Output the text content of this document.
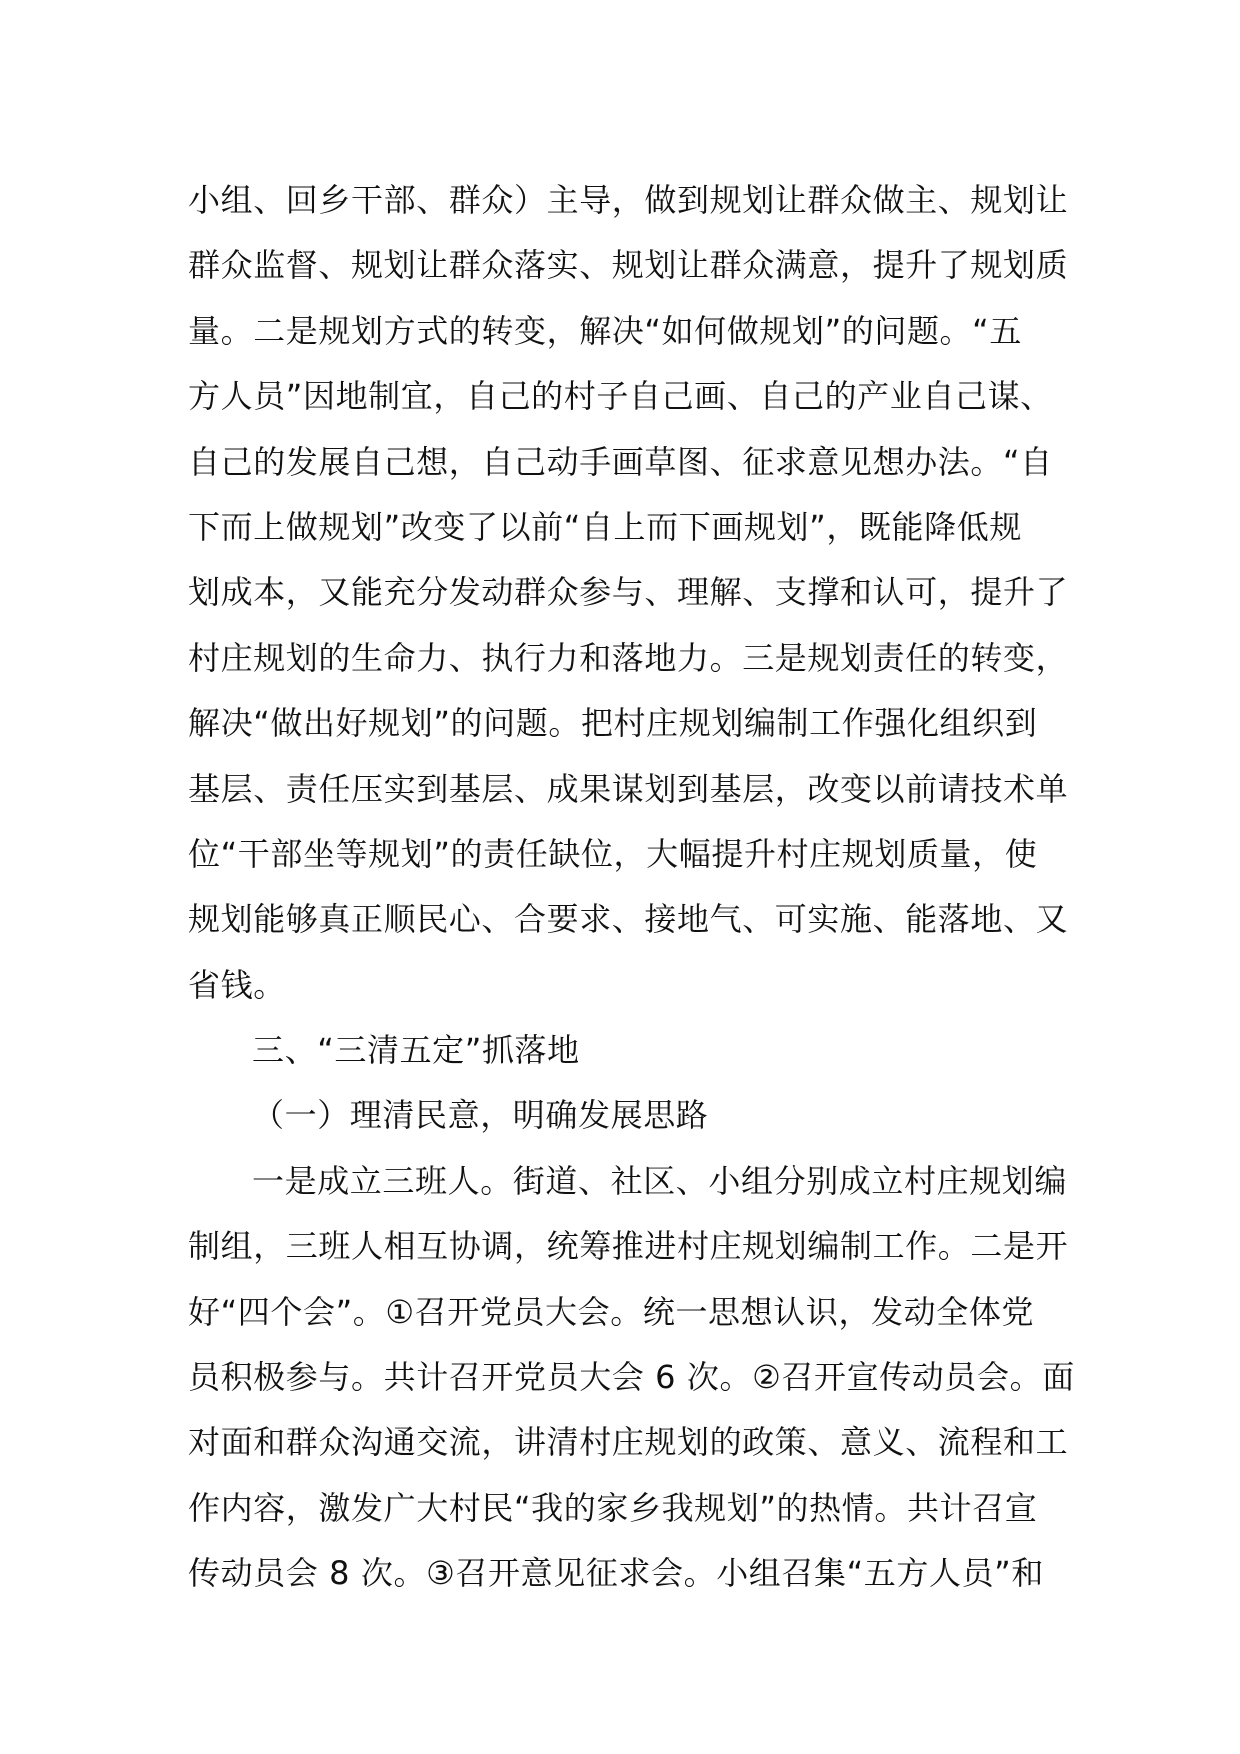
小组、回乡干部、群众）主导，做到规划让群众做主、规划让
群众监督、规划让群众落实、规划让群众满意，提升了规划质
量。二是规划方式的转变，解决“如何做规划”的问题。“五
方人员”因地制宜，自己的村子自己画、自己的产业自己谋、
自己的发展自己想，自己动手画草图、征求意见想办法。“自
下而上做规划”改变了以前“自上而下画规划”，既能降低规
划成本，又能充分发动群众参与、理解、支撑和认可，提升了
村庄规划的生命力、执行力和落地力。三是规划责任的转变，
解决“做出好规划”的问题。把村庄规划编制工作强化组织到
基层、责任压实到基层、成果谋划到基层，改变以前请技术单
位“干部坐等规划”的责任缺位，大幅提升村庄规划质量，使
规划能够真正顺民心、合要求、接地气、可实施、能落地、又
省钱。
三、“三清五定”抓落地
（一）理清民意，明确发展思路
一是成立三班人。街道、社区、小组分别成立村庄规划编
制组，三班人相互协调，统筹推进村庄规划编制工作。二是开
好“四个会”。①召开党员大会。统一思想认识，发动全体党
员积极参与。共计召开党员大会 6 次。②召开宣传动员会。面
对面和群众沟通交流，讲清村庄规划的政策、意义、流程和工
作内容，激发广大村民“我的家乡我规划”的热情。共计召宣
传动员会 8 次。③召开意见征求会。小组召集“五方人员”和
